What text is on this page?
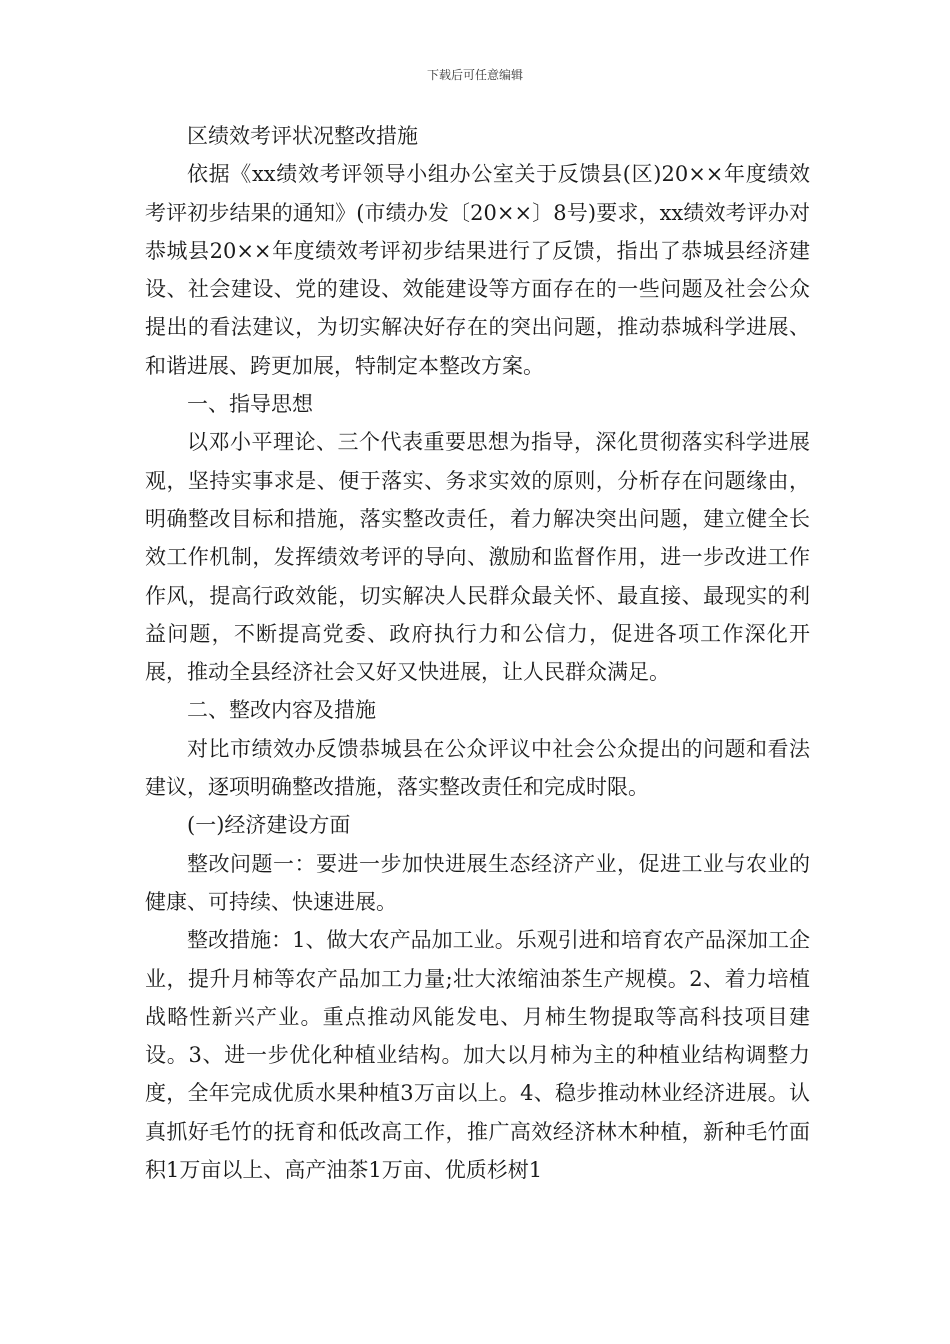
下载后可任意编辑

区绩效考评状况整改措施

依据《xx绩效考评领导小组办公室关于反馈县(区)20××年度绩效考评初步结果的通知》(市绩办发〔20××〕8号)要求，xx绩效考评办对恭城县20××年度绩效考评初步结果进行了反馈，指出了恭城县经济建设、社会建设、党的建设、效能建设等方面存在的一些问题及社会公众提出的看法建议，为切实解决好存在的突出问题，推动恭城科学进展、和谐进展、跨更加展，特制定本整改方案。

一、指导思想

以邓小平理论、三个代表重要思想为指导，深化贯彻落实科学进展观，坚持实事求是、便于落实、务求实效的原则，分析存在问题缘由，明确整改目标和措施，落实整改责任，着力解决突出问题，建立健全长效工作机制，发挥绩效考评的导向、激励和监督作用，进一步改进工作作风，提高行政效能，切实解决人民群众最关怀、最直接、最现实的利益问题，不断提高党委、政府执行力和公信力，促进各项工作深化开展，推动全县经济社会又好又快进展，让人民群众满足。

二、整改内容及措施

对比市绩效办反馈恭城县在公众评议中社会公众提出的问题和看法建议，逐项明确整改措施，落实整改责任和完成时限。

(一)经济建设方面

整改问题一：要进一步加快进展生态经济产业，促进工业与农业的健康、可持续、快速进展。

整改措施：1、做大农产品加工业。乐观引进和培育农产品深加工企业，提升月柿等农产品加工力量;壮大浓缩油茶生产规模。2、着力培植战略性新兴产业。重点推动风能发电、月柿生物提取等高科技项目建设。3、进一步优化种植业结构。加大以月柿为主的种植业结构调整力度，全年完成优质水果种植3万亩以上。4、稳步推动林业经济进展。认真抓好毛竹的抚育和低改高工作，推广高效经济林木种植，新种毛竹面积1万亩以上、高产油茶1万亩、优质杉树1
